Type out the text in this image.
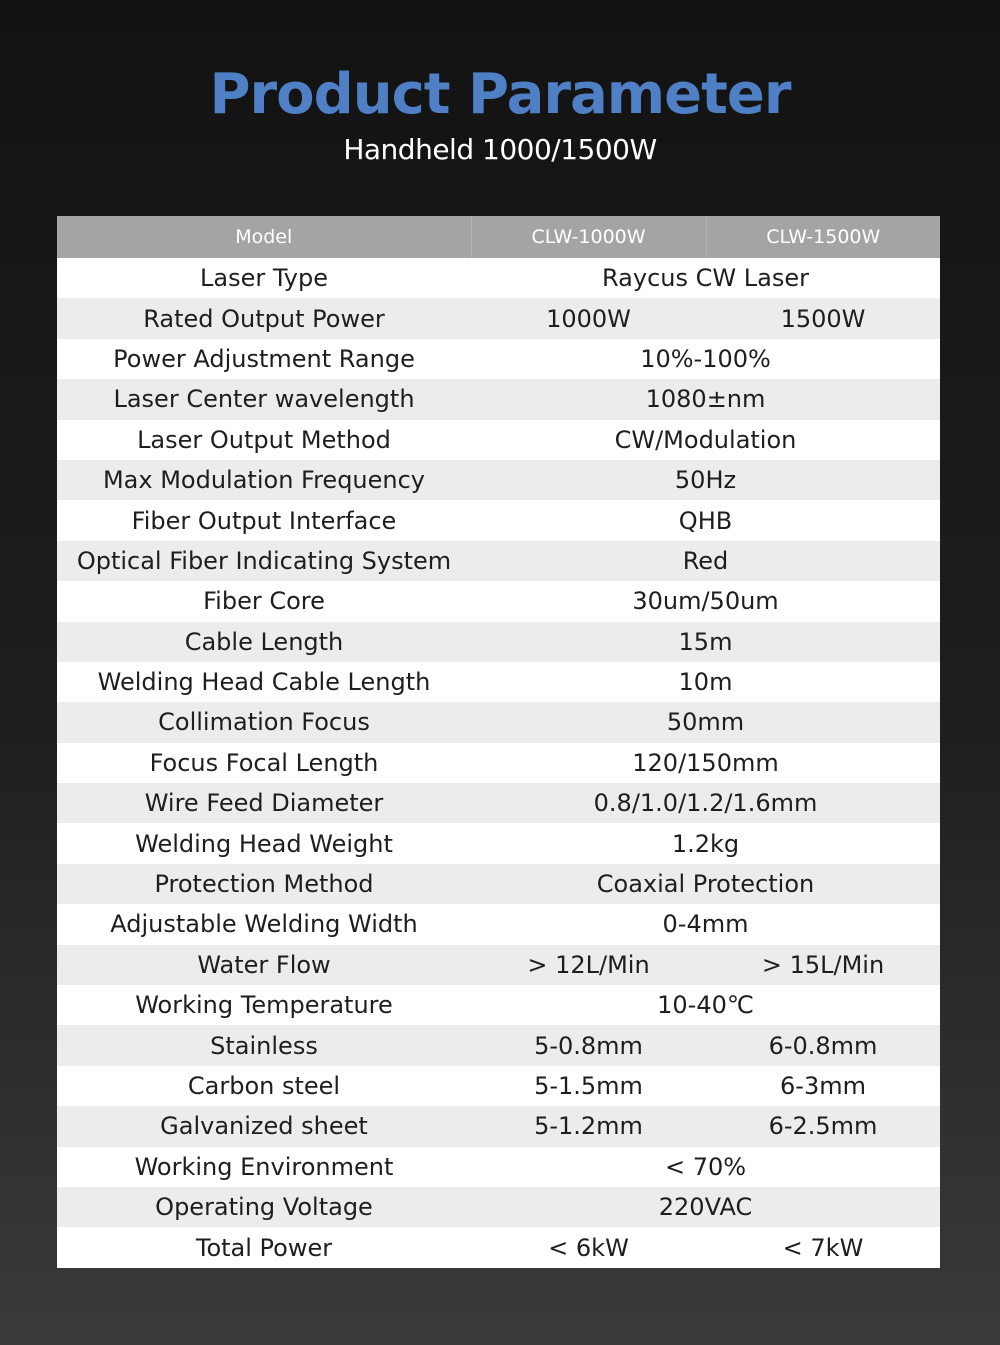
Product Parameter
Handheld 1000/1500W
Model	CLW-1000W	CLW-1500W
Laser Type	Raycus CW Laser	
Rated Output Power	1000W	1500W
Power Adjustment Range	10%-100%	
Laser Center wavelength	1080±nm	
Laser Output Method	CW/Modulation	
Max Modulation Frequency	50Hz	
Fiber Output Interface	QHB	
Optical Fiber Indicating System	Red	
Fiber Core	30um/50um	
Cable Length	15m	
Welding Head Cable Length	10m	
Collimation Focus	50mm	
Focus Focal Length	120/150mm	
Wire Feed Diameter	0.8/1.0/1.2/1.6mm	
Welding Head Weight	1.2kg	
Protection Method	Coaxial Protection	
Adjustable Welding Width	0-4mm	
Water Flow	> 12L/Min	> 15L/Min
Working Temperature	10-40℃	
Stainless	5-0.8mm	6-0.8mm
Carbon steel	5-1.5mm	6-3mm
Galvanized sheet	5-1.2mm	6-2.5mm
Working Environment	< 70%	
Operating Voltage	220VAC	
Total Power	< 6kW	< 7kW
